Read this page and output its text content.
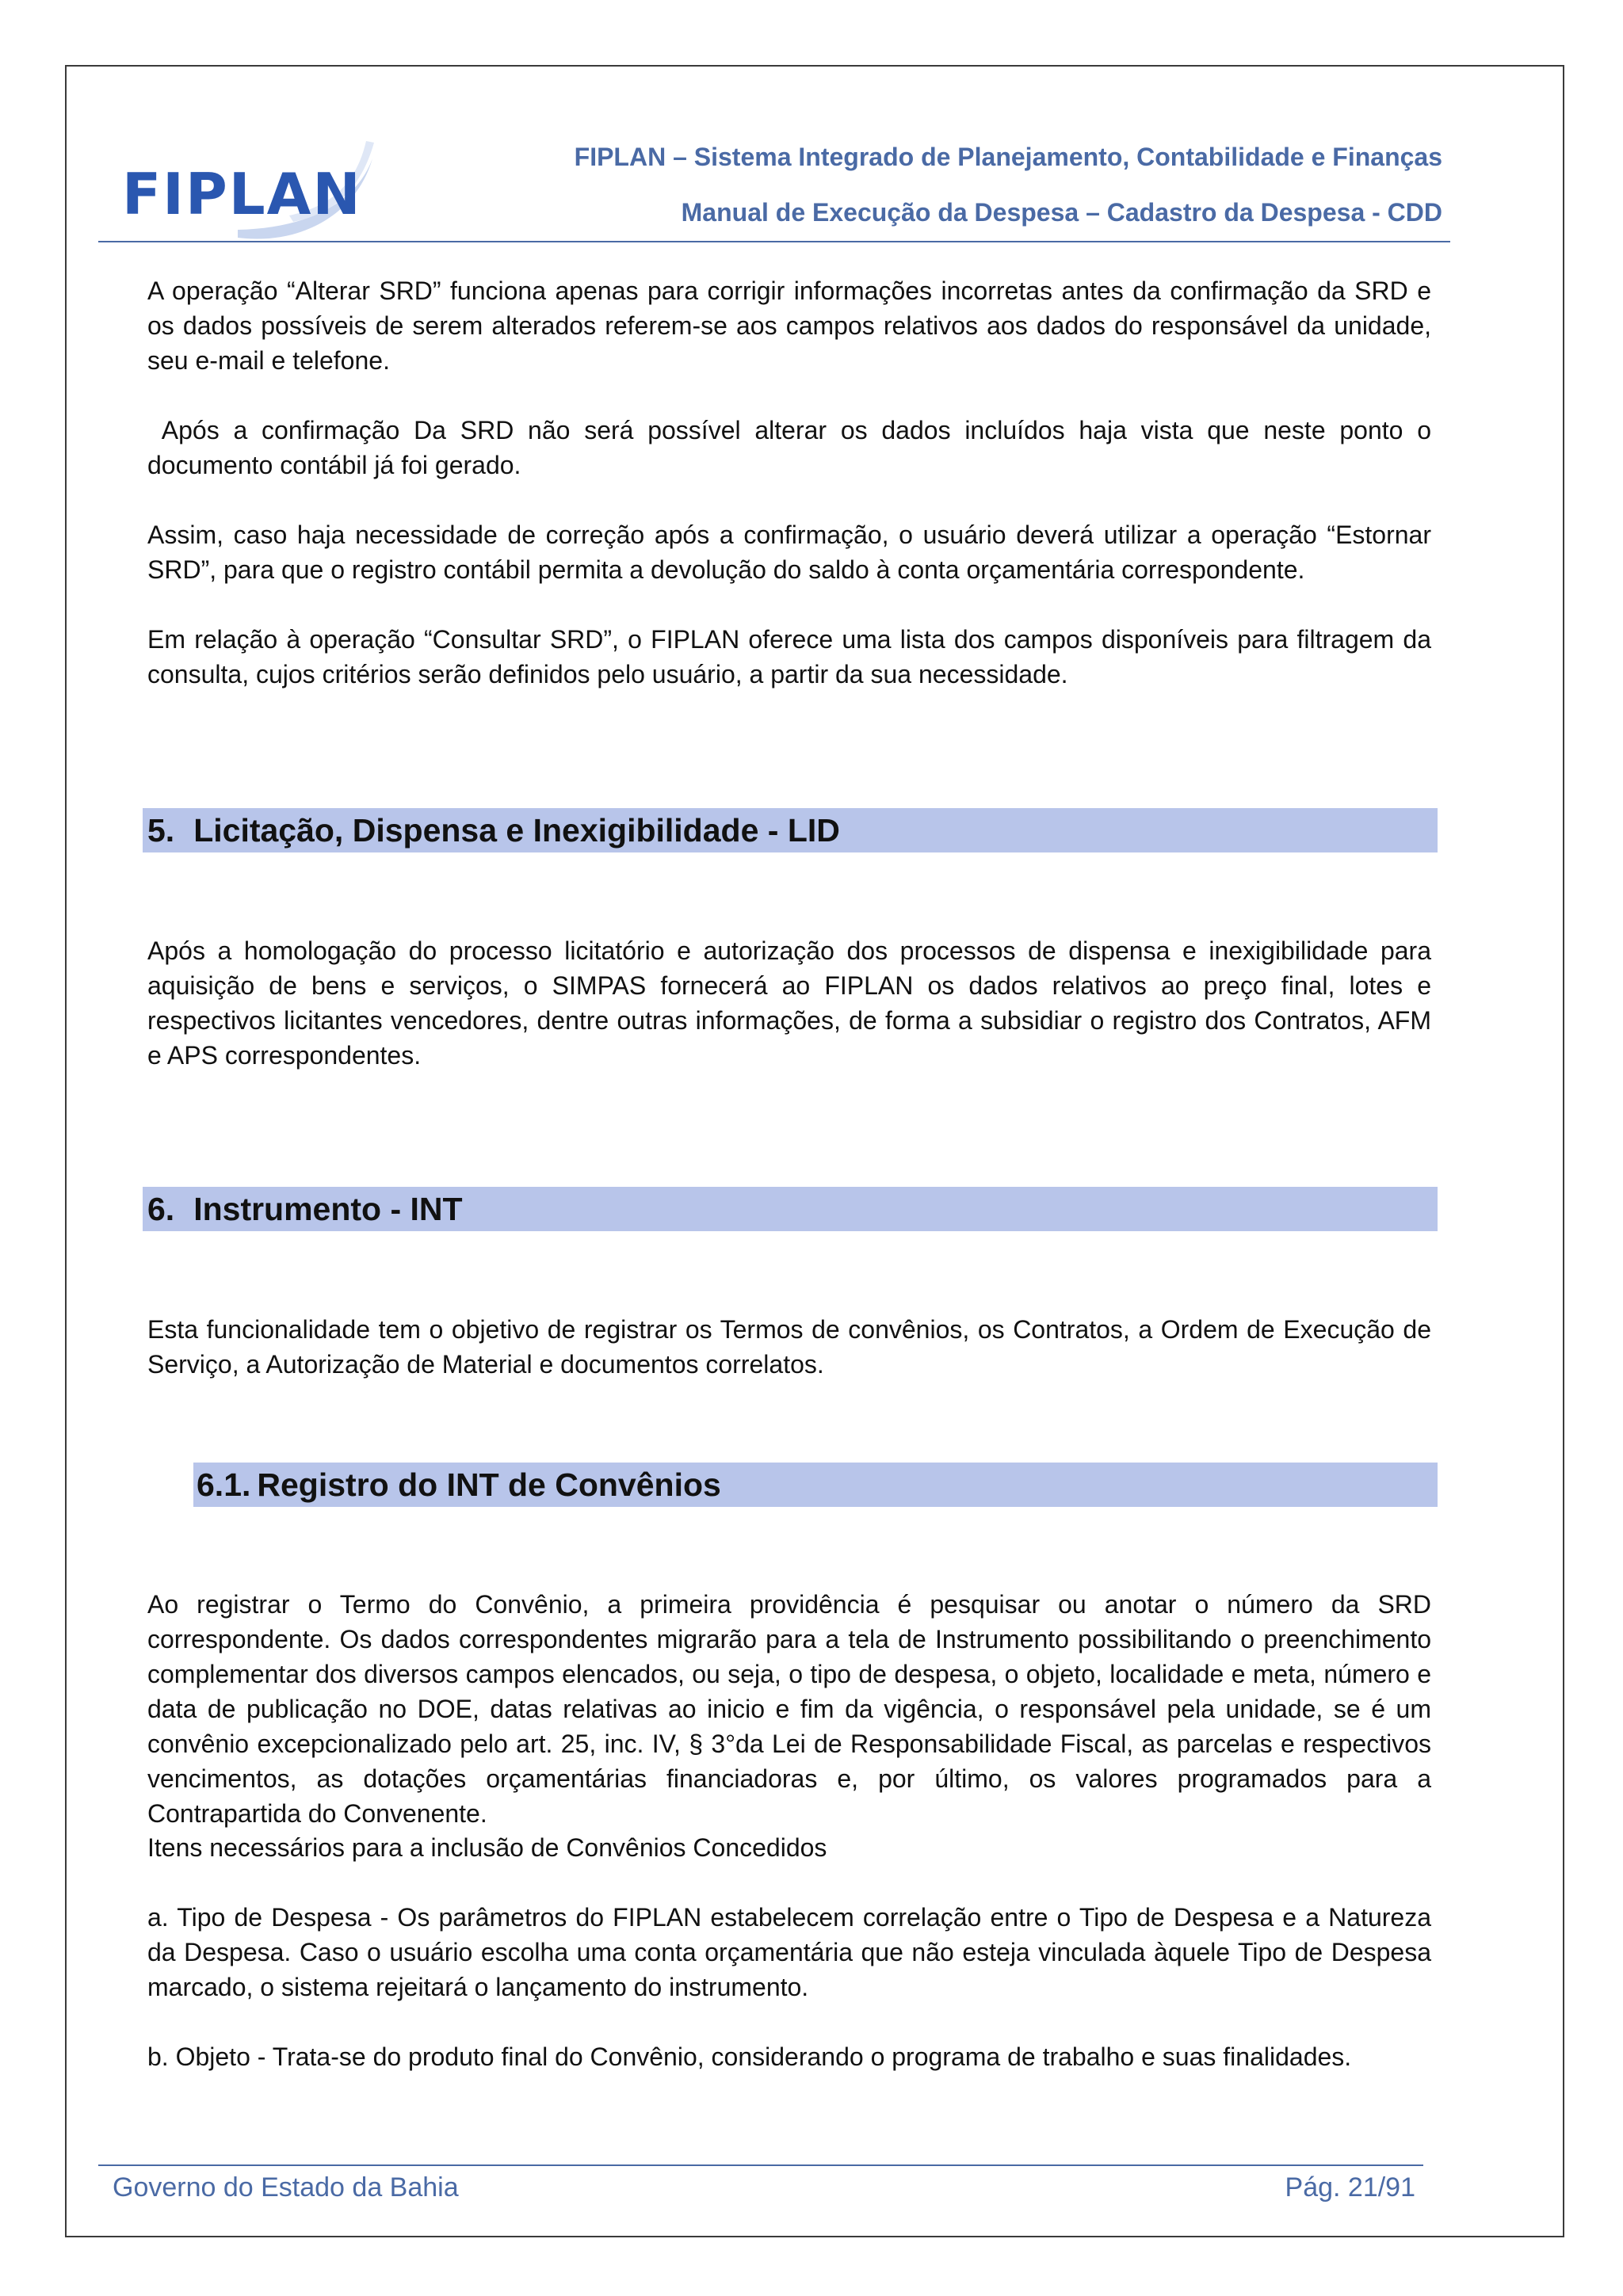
FIPLAN
FIPLAN – Sistema Integrado de Planejamento, Contabilidade e Finanças
Manual de Execução da Despesa – Cadastro da Despesa - CDD

A operação “Alterar SRD” funciona apenas para corrigir informações incorretas antes da confirmação da SRD e os dados possíveis de serem alterados referem-se aos campos relativos aos dados do responsável da unidade, seu e-mail e telefone.

Após a confirmação Da SRD não será possível alterar os dados incluídos haja vista que neste ponto o documento contábil já foi gerado.

Assim, caso haja necessidade de correção após a confirmação, o usuário deverá utilizar a operação “Estornar SRD”, para que o registro contábil permita a devolução do saldo à conta orçamentária correspondente.

Em relação à operação “Consultar SRD”, o FIPLAN oferece uma lista dos campos disponíveis para filtragem da consulta, cujos critérios serão definidos pelo usuário, a partir da sua necessidade.

5. Licitação, Dispensa e Inexigibilidade - LID

Após a homologação do processo licitatório e autorização dos processos de dispensa e inexigibilidade para aquisição de bens e serviços, o SIMPAS fornecerá ao FIPLAN os dados relativos ao preço final, lotes e respectivos licitantes vencedores, dentre outras informações, de forma a subsidiar o registro dos Contratos, AFM e APS correspondentes.

6. Instrumento - INT

Esta funcionalidade tem o objetivo de registrar os Termos de convênios, os Contratos, a Ordem de Execução de Serviço, a Autorização de Material e documentos correlatos.

6.1. Registro do INT de Convênios

Ao registrar o Termo do Convênio, a primeira providência é pesquisar ou anotar o número da SRD correspondente. Os dados correspondentes migrarão para a tela de Instrumento possibilitando o preenchimento complementar dos diversos campos elencados, ou seja, o tipo de despesa, o objeto, localidade e meta, número e data de publicação no DOE, datas relativas ao inicio e fim da vigência, o responsável pela unidade, se é um convênio excepcionalizado pelo art. 25, inc. IV, § 3°da Lei de Responsabilidade Fiscal, as parcelas e respectivos vencimentos, as dotações orçamentárias financiadoras e, por último, os valores programados para a Contrapartida do Convenente.

Itens necessários para a inclusão de Convênios Concedidos

a. Tipo de Despesa - Os parâmetros do FIPLAN estabelecem correlação entre o Tipo de Despesa e a Natureza da Despesa. Caso o usuário escolha uma conta orçamentária que não esteja vinculada àquele Tipo de Despesa marcado, o sistema rejeitará o lançamento do instrumento.

b. Objeto - Trata-se do produto final do Convênio, considerando o programa de trabalho e suas finalidades.

Governo do Estado da Bahia	Pág. 21/91
